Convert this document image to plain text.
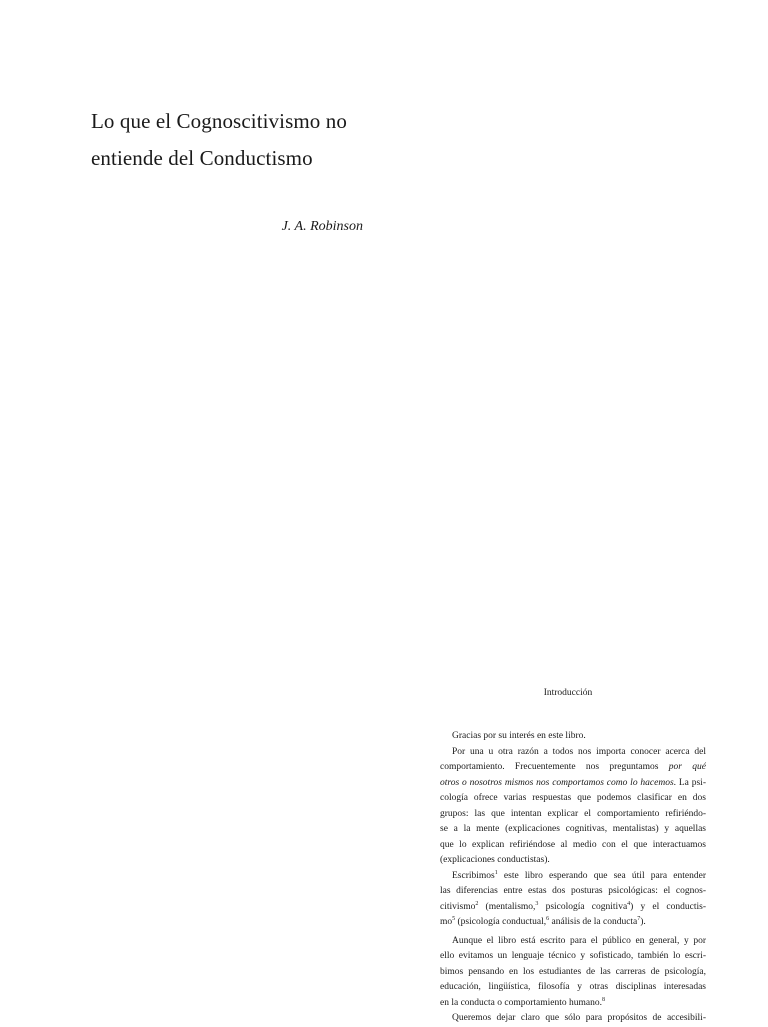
Lo que el Cognoscitivismo no
entiende del Conductismo
J. A. Robinson
Introducción
Gracias por su interés en este libro.
Por una u otra razón a todos nos importa conocer acerca del
comportamiento. Frecuentemente nos preguntamos por qué
otros o nosotros mismos nos comportamos como lo hacemos. La psi-
cología ofrece varias respuestas que podemos clasificar en dos
grupos: las que intentan explicar el comportamiento refiriéndo-
se a la mente (explicaciones cognitivas, mentalistas) y aquellas
que lo explican refiriéndose al medio con el que interactuamos
(explicaciones conductistas).
Escribimos$^1$ este libro esperando que sea útil para entender
las diferencias entre estas dos posturas psicológicas: el cognos-
citivismo$^2$ (mentalismo,$^3$ psicología cognitiva$^4$) y el conductis-
$mo^5$ (psicología conductual,$^6$ análisis de la conducta$^7$).
Aunque el libro está escrito para el público en general, y por
ello evitamos un lenguaje técnico y sofisticado, también lo escri-
bimos pensando en los estudiantes de las carreras de psicología,
educación, lingüística, filosofía y otras disciplinas interesadas
en la conducta o comportamiento humano.$^8$
Queremos dejar claro que sólo para propósitos de accesibili-
